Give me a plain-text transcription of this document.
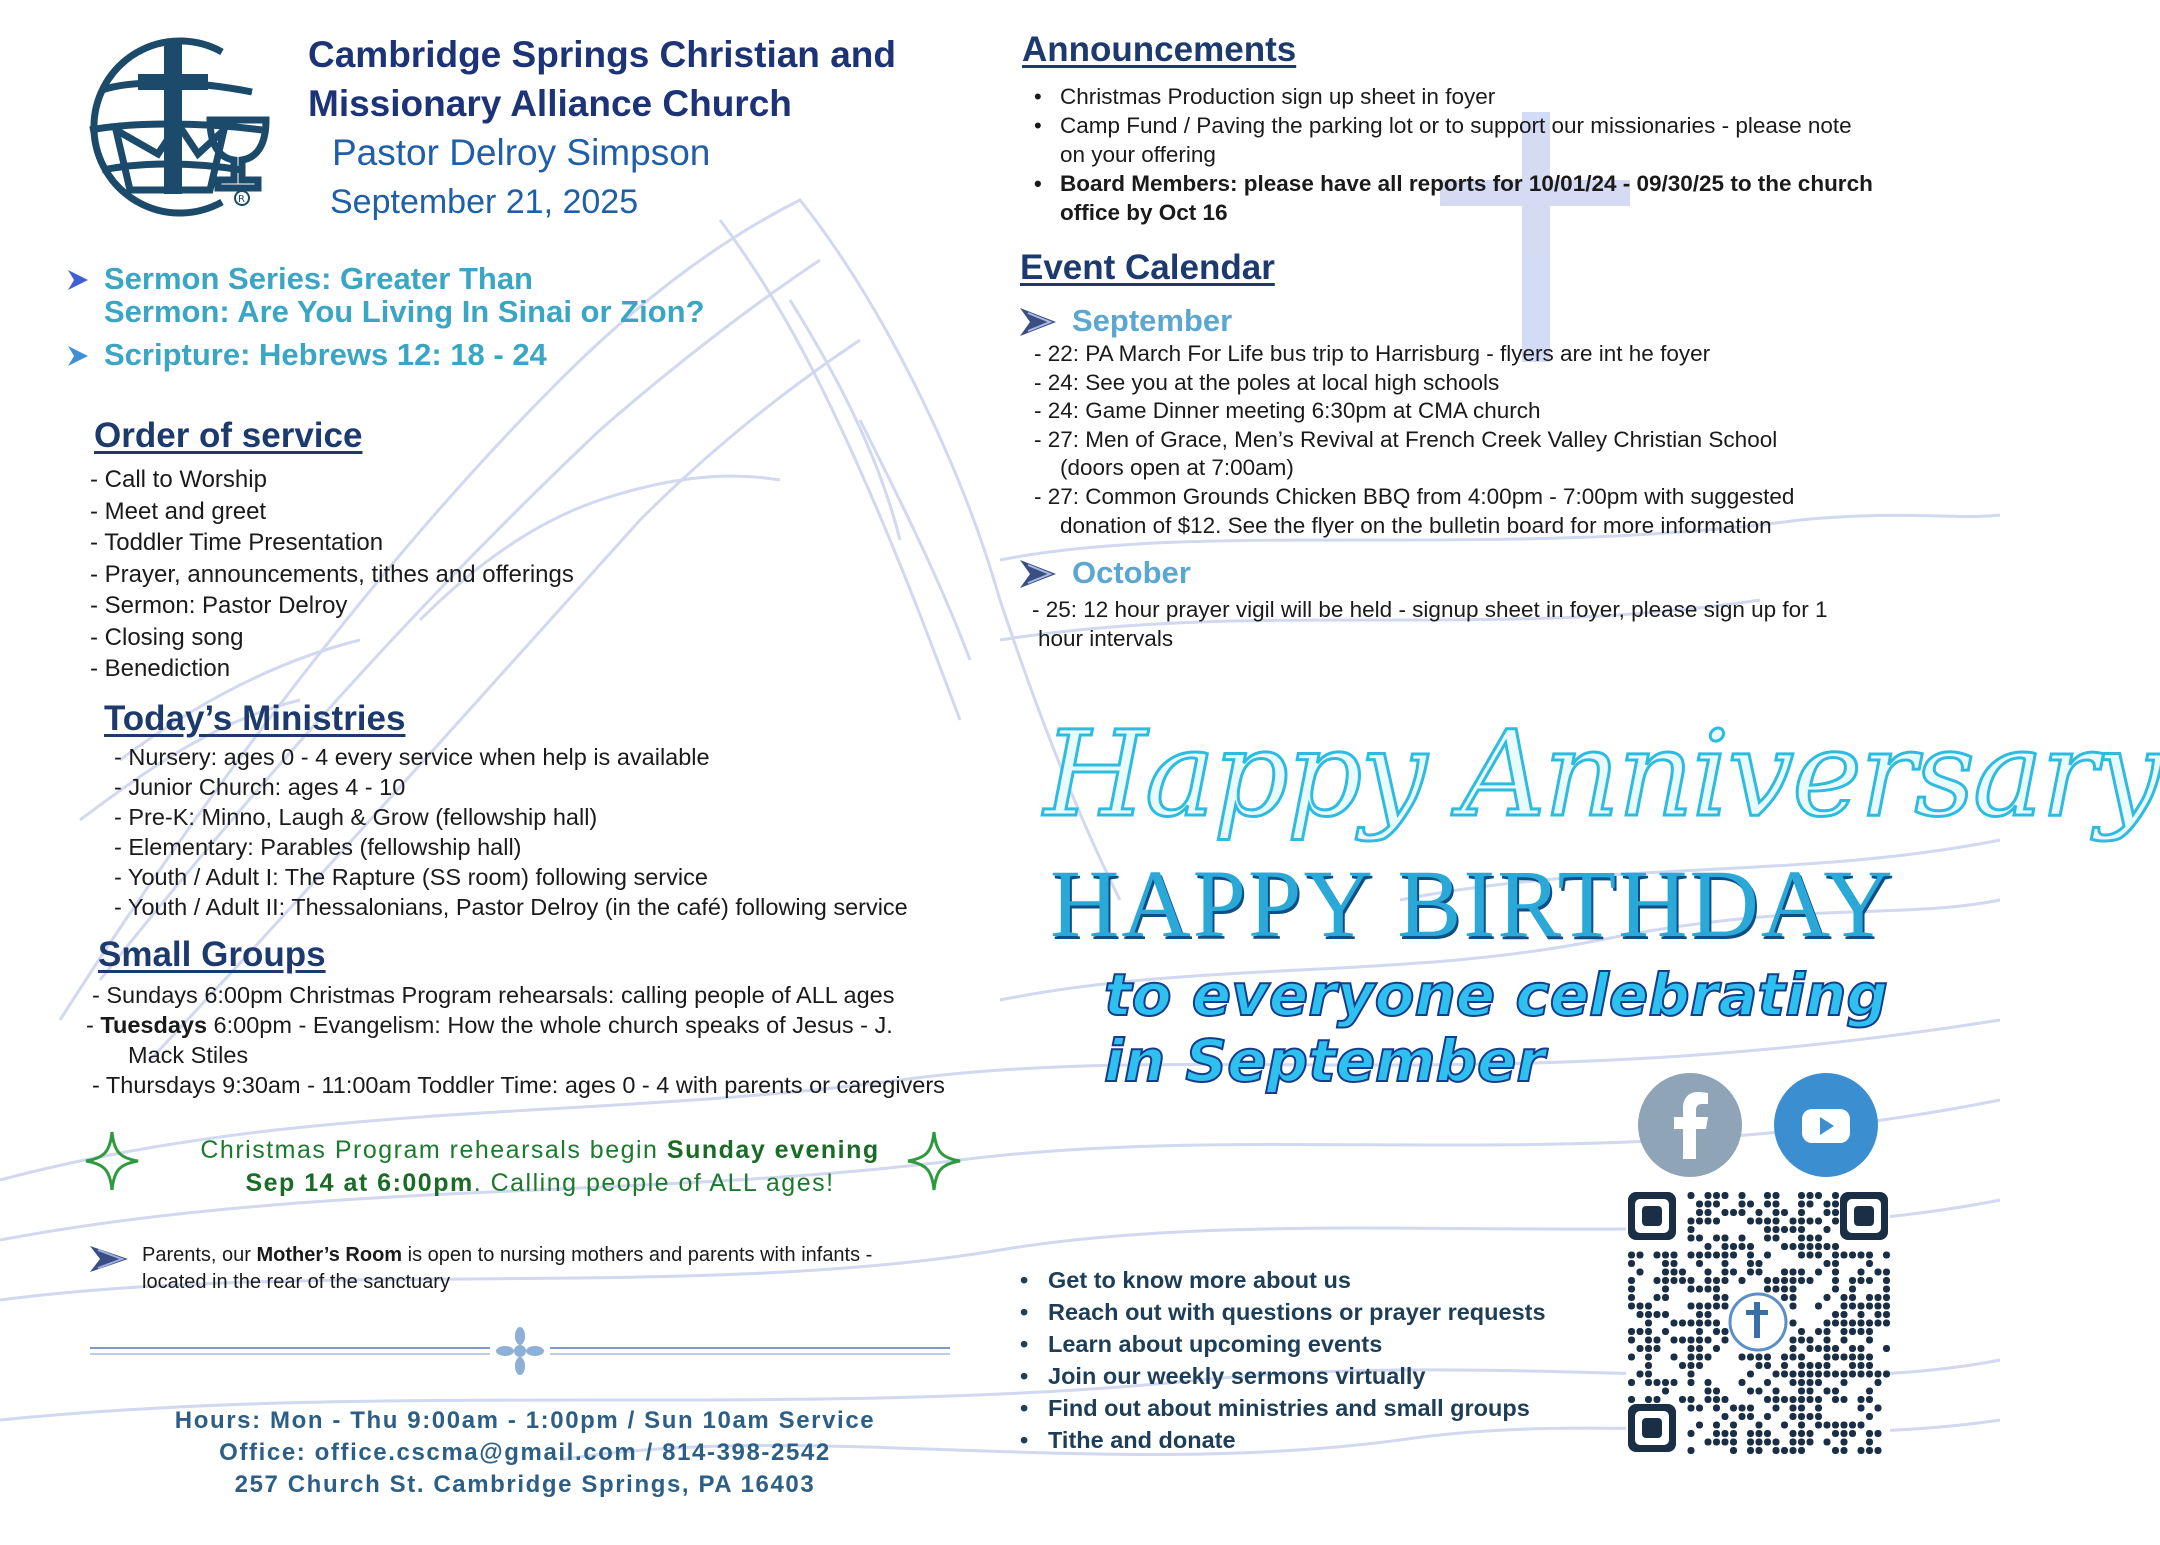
R
Cambridge Springs Christian and
Missionary Alliance Church
Pastor Delroy Simpson
September 21, 2025
Sermon Series: Greater Than
Sermon: Are You Living In Sinai or Zion?
Scripture: Hebrews 12: 18 - 24
Order of service
- Call to Worship
- Meet and greet
- Toddler Time Presentation
- Prayer, announcements, tithes and offerings
- Sermon: Pastor Delroy
- Closing song
- Benediction
Today’s Ministries
- Nursery: ages 0 - 4 every service when help is available
- Junior Church: ages 4 - 10
- Pre-K: Minno, Laugh & Grow (fellowship hall)
- Elementary: Parables (fellowship hall)
- Youth / Adult I: The Rapture (SS room) following service
- Youth / Adult II: Thessalonians, Pastor Delroy (in the café) following service
Small Groups
- Sundays 6:00pm Christmas Program rehearsals: calling people of ALL ages
- Tuesdays 6:00pm - Evangelism: How the whole church speaks of Jesus - J.
Mack Stiles
- Thursdays 9:30am - 11:00am Toddler Time: ages 0 - 4 with parents or caregivers
Christmas Program rehearsals begin Sunday evening
Sep 14 at 6:00pm. Calling people of ALL ages!
Parents, our Mother’s Room is open to nursing mothers and parents with infants -
located in the rear of the sanctuary
Hours: Mon - Thu 9:00am - 1:00pm / Sun 10am Service
Office: office.cscma@gmail.com / 814-398-2542
257 Church St. Cambridge Springs, PA 16403
Announcements
• Christmas Production sign up sheet in foyer
• Camp Fund / Paving the parking lot or to support our missionaries - please note
on your offering
• Board Members: please have all reports for 10/01/24 - 09/30/25 to the church
office by Oct 16
Event Calendar
September
- 22: PA March For Life bus trip to Harrisburg - flyers are int he foyer
- 24: See you at the poles at local high schools
- 24: Game Dinner meeting 6:30pm at CMA church
- 27: Men of Grace, Men’s Revival at French Creek Valley Christian School
(doors open at 7:00am)
- 27: Common Grounds Chicken BBQ from 4:00pm - 7:00pm with suggested
donation of $12. See the flyer on the bulletin board for more information
October
- 25: 12 hour prayer vigil will be held - signup sheet in foyer, please sign up for 1
hour intervals
Happy Anniversary
HAPPY BIRTHDAY
to everyone celebrating
in September
• Get to know more about us
• Reach out with questions or prayer requests
• Learn about upcoming events
• Join our weekly sermons virtually
• Find out about ministries and small groups
• Tithe and donate
